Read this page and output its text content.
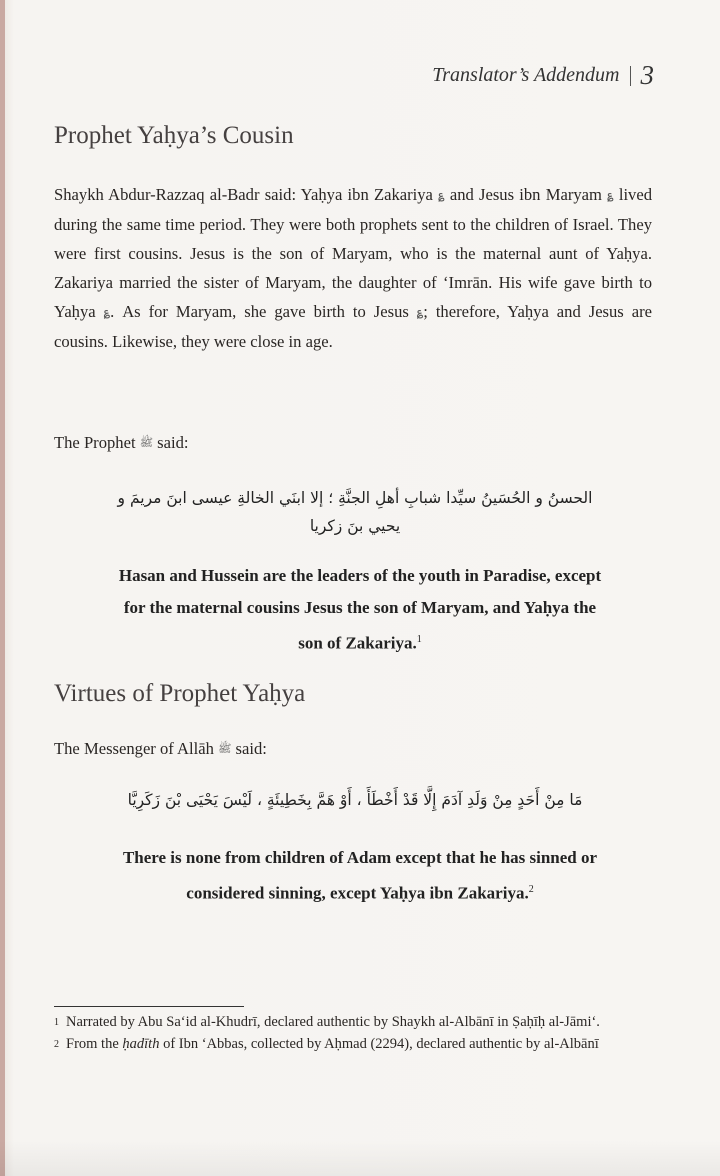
Translator’s Addendum 3
Prophet Yaḥya’s Cousin

Shaykh Abdur-Razzaq al-Badr said: Yaḥya ibn Zakariya ؏ and Jesus ibn Maryam ؏ lived during the same time period. They were both prophets sent to the children of Israel. They were first cousins. Jesus is the son of Maryam, who is the maternal aunt of Yaḥya. Zakariya married the sister of Maryam, the daughter of ‘Imrān. His wife gave birth to Yaḥya ؏. As for Maryam, she gave birth to Jesus ؏; therefore, Yaḥya and Jesus are cousins. Likewise, they were close in age.

The Prophet ﷺ said:

الحسنُ و الحُسَينُ سيِّدا شبابِ أهلِ الجنَّةِ ؛ إلا ابنَي الخالةِ عيسى ابنَ مريمَ و
يحيي بنَ زكريا

Hasan and Hussein are the leaders of the youth in Paradise, except for the maternal cousins Jesus the son of Maryam, and Yaḥya the son of Zakariya.$^1$

Virtues of Prophet Yaḥya

The Messenger of Allāh ﷺ said:

مَا مِنْ أَحَدٍ مِنْ وَلَدِ آدَمَ إِلَّا قَدْ أَخْطَأَ ، أَوْ هَمَّ بِخَطِيئَةٍ ، لَيْسَ يَحْيَى بْنَ زَكَرِيَّا

There is none from children of Adam except that he has sinned or considered sinning, except Yaḥya ibn Zakariya.$^2$

1 Narrated by Abu Sa‘id al-Khudrī, declared authentic by Shaykh al-Albānī in Ṣaḥīḥ al-Jāmi‘.
2 From the ḥadīth of Ibn ‘Abbas, collected by Aḥmad (2294), declared authentic by al-Albānī
